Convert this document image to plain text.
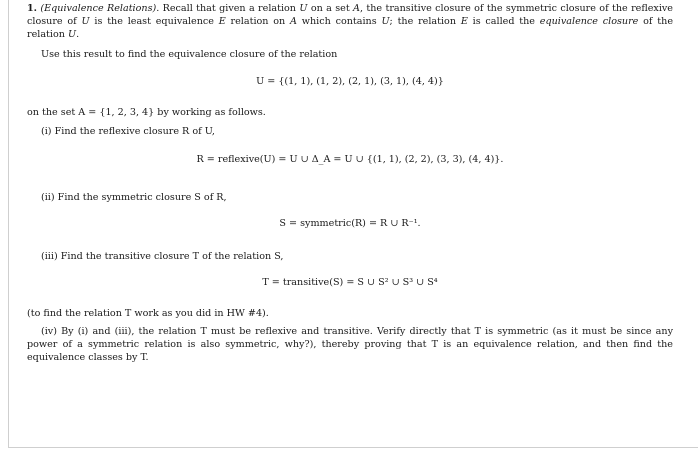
1. (Equivalence Relations). Recall that given a relation U on a set A, the transitive closure of the symmetric closure of the reflexive closure of U is the least equivalence E relation on A which contains U; the relation E is called the equivalence closure of the relation U.

Use this result to find the equivalence closure of the relation

U = {(1, 1), (1, 2), (2, 1), (3, 1), (4, 4)}

on the set A = {1, 2, 3, 4} by working as follows.

(i) Find the reflexive closure R of U,

R = reflexive(U) = U ∪ Δ_A = U ∪ {(1, 1), (2, 2), (3, 3), (4, 4)}.

(ii) Find the symmetric closure S of R,

S = symmetric(R) = R ∪ R⁻¹.

(iii) Find the transitive closure T of the relation S,

T = transitive(S) = S ∪ S² ∪ S³ ∪ S⁴

(to find the relation T work as you did in HW #4).

(iv) By (i) and (iii), the relation T must be reflexive and transitive. Verify directly that T is symmetric (as it must be since any power of a symmetric relation is also symmetric, why?), thereby proving that T is an equivalence relation, and then find the equivalence classes by T.
